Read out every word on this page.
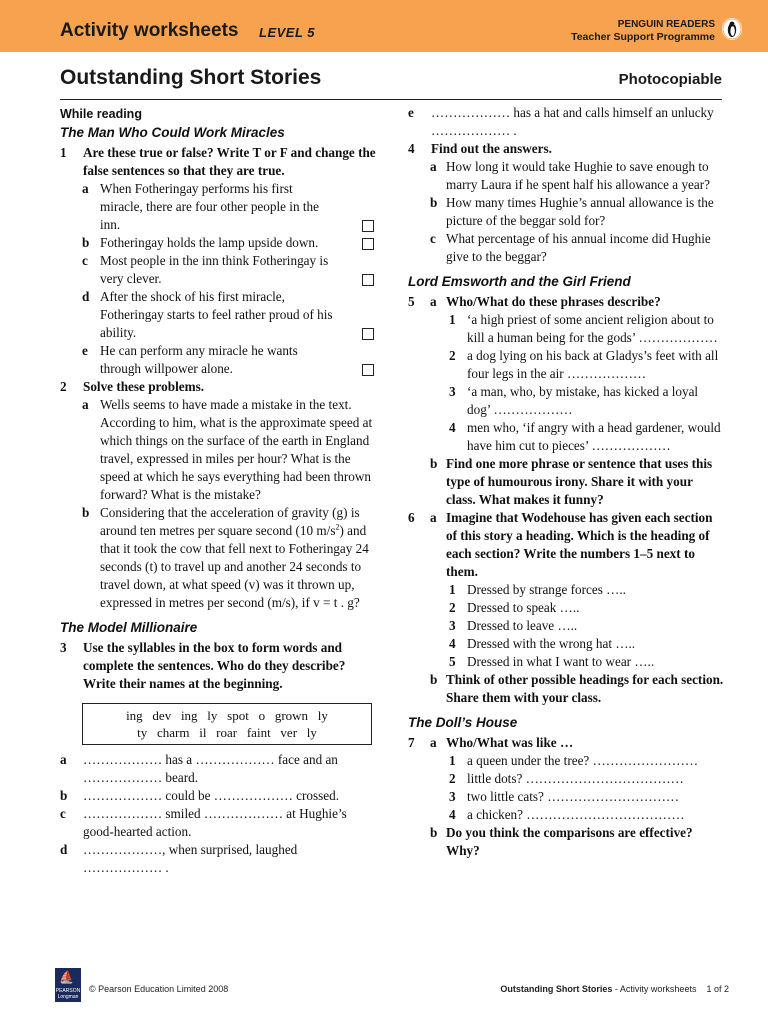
Activity worksheets LEVEL 5
PENGUIN READERS
Teacher Support Programme
Outstanding Short Stories	Photocopiable
While reading
The Man Who Could Work Miracles
1 Are these true or false? Write T or F and change the false sentences so that they are true.
a When Fotheringay performs his first miracle, there are four other people in the inn.
b Fotheringay holds the lamp upside down.
c Most people in the inn think Fotheringay is very clever.
d After the shock of his first miracle, Fotheringay starts to feel rather proud of his ability.
e He can perform any miracle he wants through willpower alone.
2 Solve these problems.
a Wells seems to have made a mistake in the text. According to him, what is the approximate speed at which things on the surface of the earth in England travel, expressed in miles per hour? What is the speed at which he says everything had been thrown forward? What is the mistake?
b Considering that the acceleration of gravity (g) is around ten metres per square second (10 $m/s^2$) and that it took the cow that fell next to Fotheringay 24 seconds (t) to travel up and another 24 seconds to travel down, at what speed (v) was it thrown up, expressed in metres per second (m/s), if v = t . g?
The Model Millionaire
3 Use the syllables in the box to form words and complete the sentences. Who do they describe? Write their names at the beginning.
ing   dev   ing   ly   spot   o   grown   ly
ty   charm   il   roar   faint   ver   ly
a ……………… has a ……………… face and an ……………… beard.
b ……………… could be ……………… crossed.
c ……………… smiled ……………… at Hughie’s good-hearted action.
d ………………, when surprised, laughed ……………… .
e ……………… has a hat and calls himself an unlucky ……………… .
4 Find out the answers.
a How long it would take Hughie to save enough to marry Laura if he spent half his allowance a year?
b How many times Hughie’s annual allowance is the picture of the beggar sold for?
c What percentage of his annual income did Hughie give to the beggar?
Lord Emsworth and the Girl Friend
5 a Who/What do these phrases describe?
1 ‘a high priest of some ancient religion about to kill a human being for the gods’ ………………
2 a dog lying on his back at Gladys’s feet with all four legs in the air ………………
3 ‘a man, who, by mistake, has kicked a loyal dog’ ………………
4 men who, ‘if angry with a head gardener, would have him cut to pieces’ ………………
b Find one more phrase or sentence that uses this type of humourous irony. Share it with your class. What makes it funny?
6 a Imagine that Wodehouse has given each section of this story a heading. Which is the heading of each section? Write the numbers 1–5 next to them.
1 Dressed by strange forces …..
2 Dressed to speak …..
3 Dressed to leave …..
4 Dressed with the wrong hat …..
5 Dressed in what I want to wear …..
b Think of other possible headings for each section. Share them with your class.
The Doll’s House
7 a Who/What was like …
1 a queen under the tree? ……………………
2 little dots? ………………………………
3 two little cats? …………………………
4 a chicken? ………………………………
b Do you think the comparisons are effective? Why?
PEARSON Longman
⛵
© Pearson Education Limited 2008	Outstanding Short Stories - Activity worksheets 1 of 2
